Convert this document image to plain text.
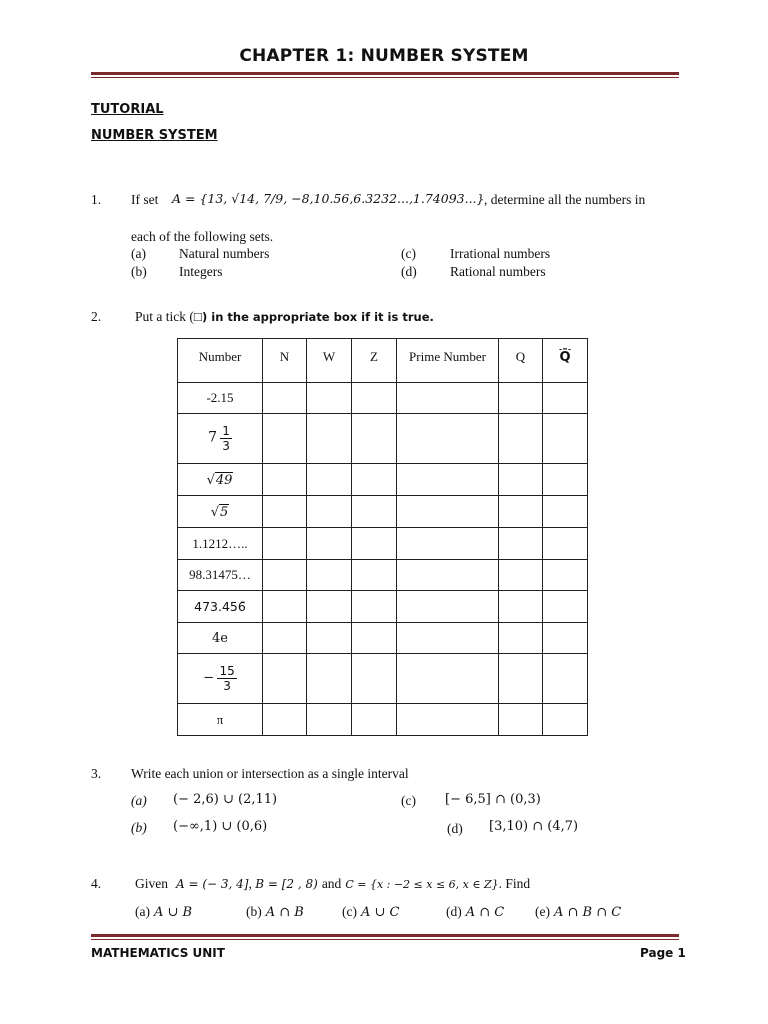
CHAPTER 1: NUMBER SYSTEM
TUTORIAL
NUMBER SYSTEM
1. If set A = {13, √14, 7/9, −8,10.56,6.3232...,1.74093...} , determine all the numbers in
each of the following sets.
(a) Natural numbers
(b) Integers
(c)	Irrational numbers
(d) Rational numbers
2.	Put a tick (□) in the appropriate box if it is true.
Number	N	W	Z	Prime Number	Q	Q̄
-2.15						
$7 \frac{1}{3}$

√49						
√5						
1.1212…..						
98.31475…						
473.456̄						
4e						
− $\frac{15}{3}$

π						
3. Write each union or intersection as a single interval
(a) (− 2,6) ∪ (2,11)
(b) (−∞,1) ∪ (0,6)
(c) [− 6,5] ∩ (0,3)
(d) [3,10) ∩ (4,7)
4.	Given A = (− 3, 4], B = [2 , 8) and C = {x : −2 ≤ x ≤ 6, x ∈ Z}. Find
(a) A ∪ B	(b) A ∩ B	(c) A ∪ C	(d) A ∩ C (e) A ∩ B ∩ C
MATHEMATICS UNIT	Page 1
